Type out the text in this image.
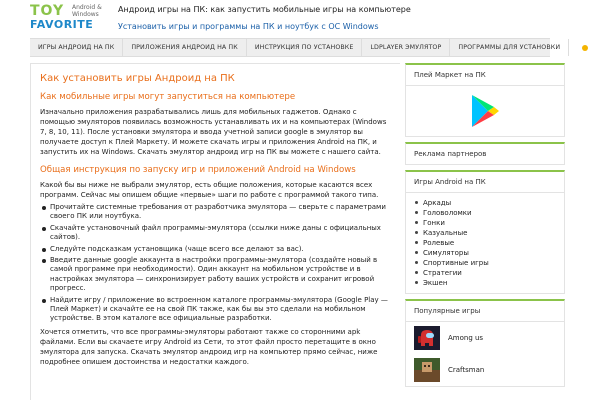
TOY Android &
Windows
FAVORITE
Андроид игры на ПК: как запустить мобильные игры на компьютере
Установить игры и программы на ПК и ноутбук с ОС Windows
ИГРЫ АНДРОИД НА ПК	ПРИЛОЖЕНИЯ АНДРОИД НА ПК	ИНСТРУКЦИЯ ПО УСТАНОВКЕ	LDPLAYER ЭМУЛЯТОР	ПРОГРАММЫ ДЛЯ УСТАНОВКИ
Как установить игры Андроид на ПК
Как мобильные игры могут запуститься на компьютере

Изначально приложения разрабатывались лишь для мобильных гаджетов. Однако с помощью эмуляторов появилась возможность устанавливать их и на компьютерах (Windows 7, 8, 10, 11). После установки эмулятора и ввода учетной записи google в эмулятор вы получаете доступ к Плей Маркету. И можете скачать игры и приложения Android на ПК, и запустить их на Windows. Скачать эмулятор андроид игр на ПК вы можете с нашего сайта.

Общая инструкция по запуску игр и приложений Android на Windows

Какой бы вы ниже не выбрали эмулятор, есть общие положения, которые касаются всех программ. Сейчас мы опишем общие «первые» шаги по работе с программой такого типа.

Прочитайте системные требования от разработчика эмулятора — сверьте с параметрами своего ПК или ноутбука.
Скачайте установочный файл программы-эмулятора (ссылки ниже даны с официальных сайтов).
Следуйте подсказкам установщика (чаще всего все делают за вас).
Введите данные google аккаунта в настройки программы-эмулятора (создайте новый в самой программе при необходимости). Один аккаунт на мобильном устройстве и в настройках эмулятора — синхронизирует работу ваших устройств и сохранит игровой прогресс.
Найдите игру / приложение во встроенном каталоге программы-эмулятора (Google Play — Плей Маркет) и скачайте ее на свой ПК также, как бы вы это сделали на мобильном устройстве. В этом каталоге все официальные разработки.

Хочется отметить, что все программы-эмуляторы работают также со сторонними apk файлами. Если вы скачаете игру Android из Сети, то этот файл просто перетащите в окно эмулятора для запуска. Скачать эмулятор андроид игр на компьютер прямо сейчас, ниже подробнее опишем достоинства и недостатки каждого.

Плей Маркет на ПК
Реклама партнеров
Игры Android на ПК
Аркады
Головоломки
Гонки
Казуальные
Ролевые
Симуляторы
Спортивные игры
Стратегии
Экшен
Популярные игры
Among us
Craftsman
